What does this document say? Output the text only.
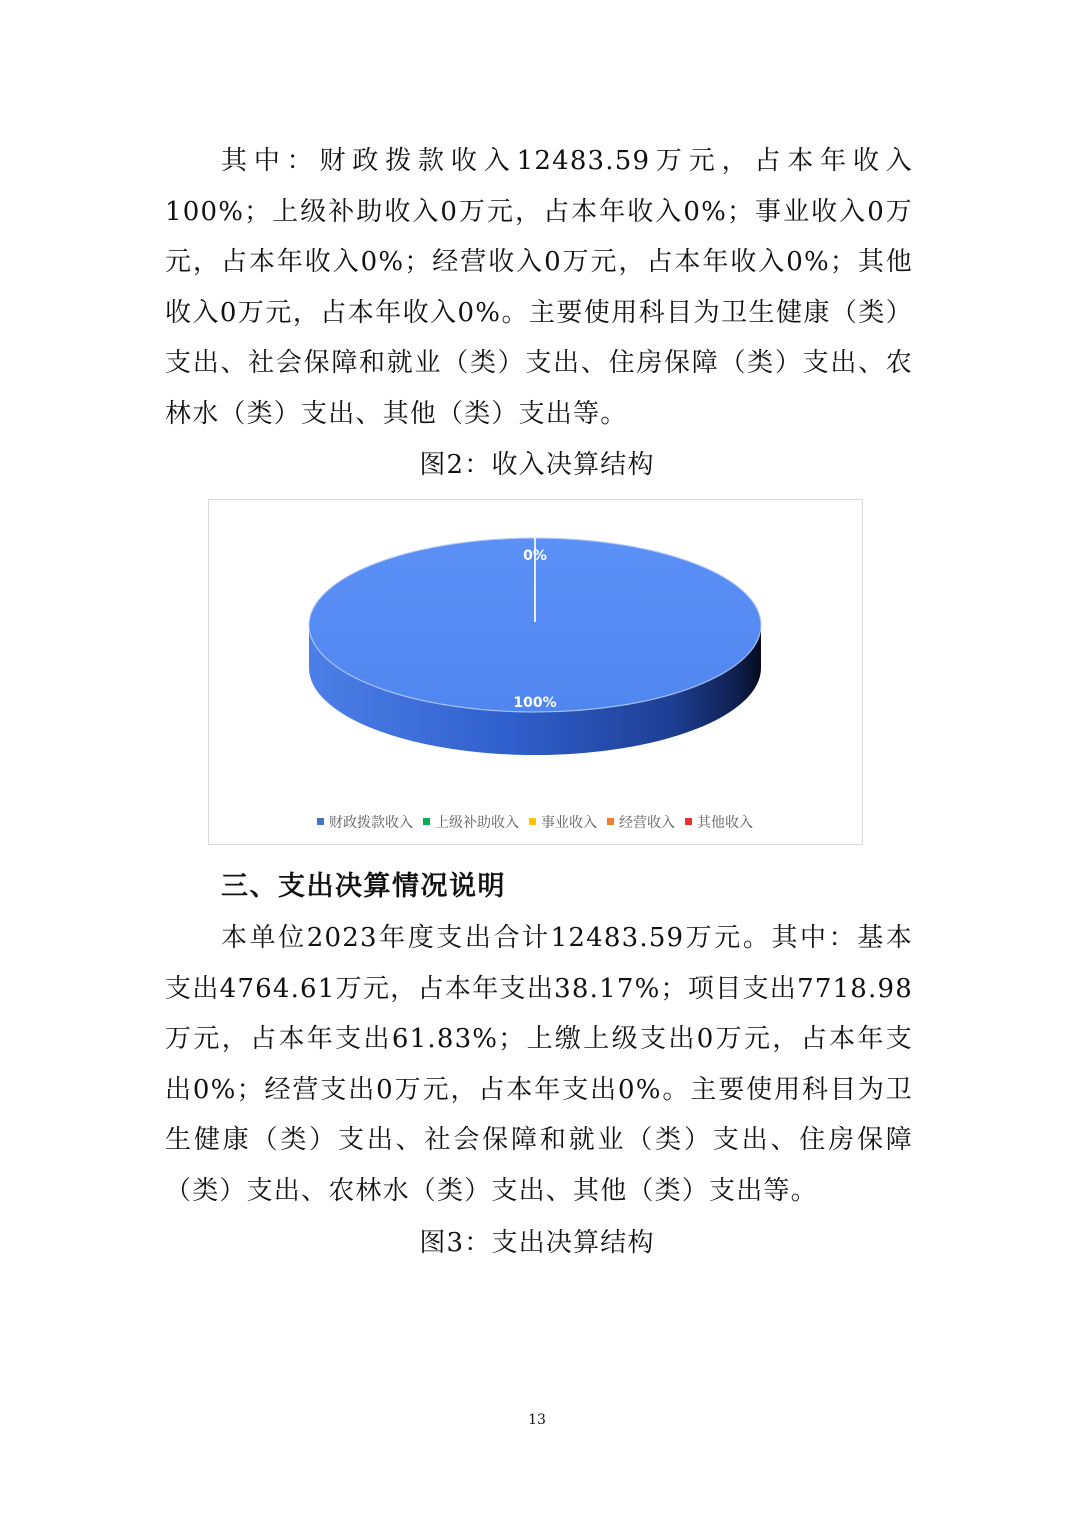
其中：财政拨款收入12483.59万元，占本年收入100%；上级补助收入0万元，占本年收入0%；事业收入0万元，占本年收入0%；经营收入0万元，占本年收入0%；其他收入0万元，占本年收入0%。主要使用科目为卫生健康（类）支出、社会保障和就业（类）支出、住房保障（类）支出、农林水（类）支出、其他（类）支出等。

图2：收入决算结构

100%
0%
财政拨款收入 上级补助收入 事业收入 经营收入 其他收入

三、支出决算情况说明

本单位2023年度支出合计12483.59万元。其中：基本支出4764.61万元，占本年支出38.17%；项目支出7718.98万元，占本年支出61.83%；上缴上级支出0万元，占本年支出0%；经营支出0万元，占本年支出0%。主要使用科目为卫生健康（类）支出、社会保障和就业（类）支出、住房保障（类）支出、农林水（类）支出、其他（类）支出等。

图3：支出决算结构

13
